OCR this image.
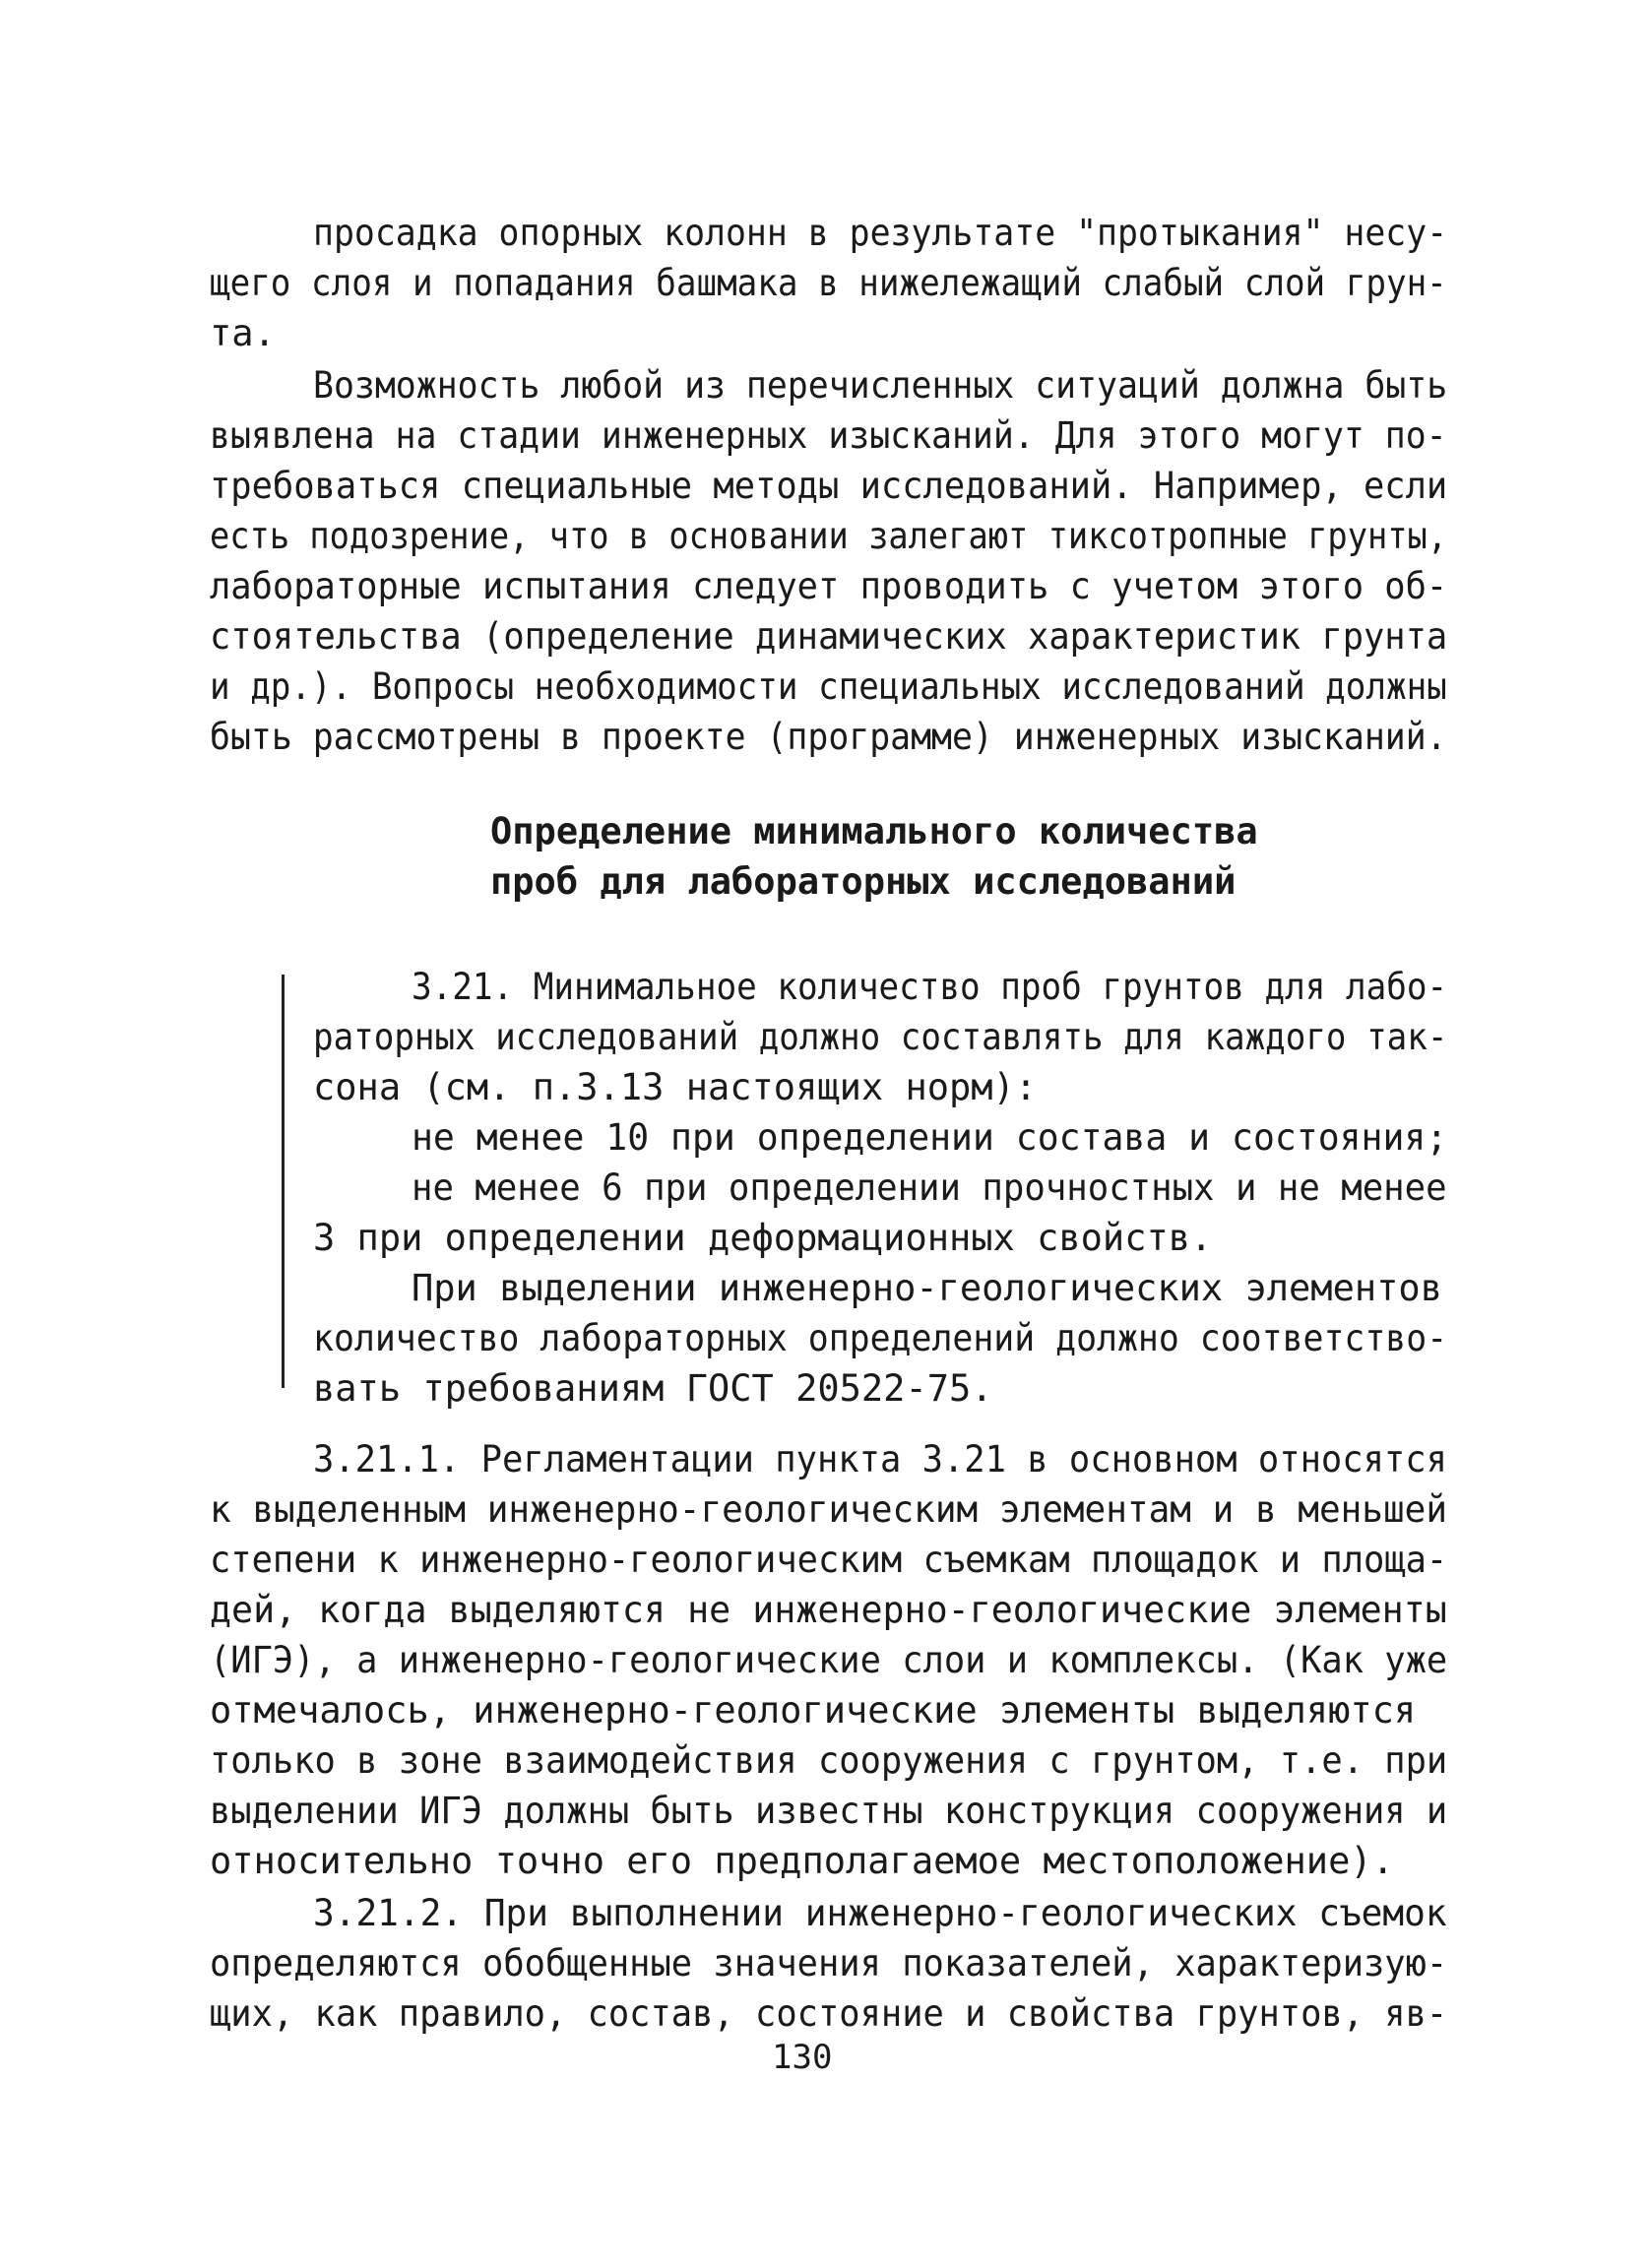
просадка опорных колонн в результате "протыкания" несу-
щего слоя и попадания башмака в нижележащий слабый слой грун-
та.
Возможность любой из перечисленных ситуаций должна быть
выявлена на стадии инженерных изысканий. Для этого могут по-
требоваться специальные методы исследований. Например, если
есть подозрение, что в основании залегают тиксотропные грунты,
лабораторные испытания следует проводить с учетом этого об-
стоятельства (определение динамических характеристик грунта
и др.). Вопросы необходимости специальных исследований должны
быть рассмотрены в проекте (программе) инженерных изысканий.
Определение минимального количества
проб для лабораторных исследований
3.21. Минимальное количество проб грунтов для лабо-
раторных исследований должно составлять для каждого так-
сона (см. п.3.13 настоящих норм):
не менее 10 при определении состава и состояния;
не менее 6 при определении прочностных и не менее
3 при определении деформационных свойств.
При выделении инженерно-геологических элементов
количество лабораторных определений должно соответство-
вать требованиям ГОСТ 20522-75.
3.21.1. Регламентации пункта 3.21 в основном относятся
к выделенным инженерно-геологическим элементам и в меньшей
степени к инженерно-геологическим съемкам площадок и площа-
дей, когда выделяются не инженерно-геологические элементы
(ИГЭ), а инженерно-геологические слои и комплексы. (Как уже
отмечалось, инженерно-геологические элементы выделяются
только в зоне взаимодействия сооружения с грунтом, т.е. при
выделении ИГЭ должны быть известны конструкция сооружения и
относительно точно его предполагаемое местоположение).
3.21.2. При выполнении инженерно-геологических съемок
определяются обобщенные значения показателей, характеризую-
щих, как правило, состав, состояние и свойства грунтов, яв-
130
